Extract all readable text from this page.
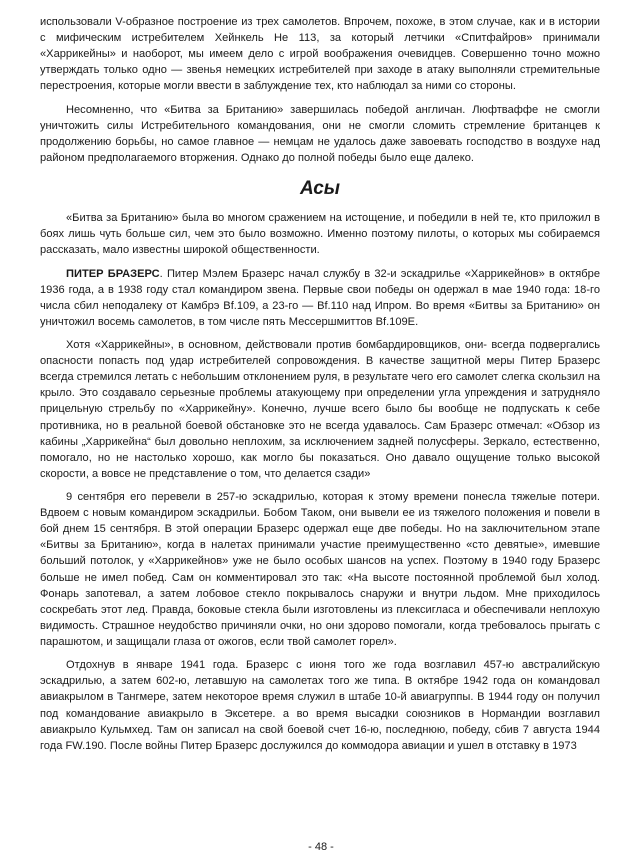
использовали V-образное построение из трех самолетов. Впрочем, похоже, в этом случае, как и в истории с мифическим истребителем Хейнкель Не 113, за который летчики «Спитфайров» принимали «Харрикейны» и наоборот, мы имеем дело с игрой воображения очевидцев. Совершенно точно можно утверждать только одно — звенья немецких истребителей при заходе в атаку выполняли стремительные перестроения, которые могли ввести в заблуждение тех, кто наблюдал за ними со стороны.

Несомненно, что «Битва за Британию» завершилась победой англичан. Люфтваффе не смогли уничтожить силы Истребительного командования, они не смогли сломить стремление британцев к продолжению борьбы, но самое главное — немцам не удалось даже завоевать господство в воздухе над районом предполагаемого вторжения. Однако до полной победы было еще далеко.

Асы

«Битва за Британию» была во многом сражением на истощение, и победили в ней те, кто приложил в боях лишь чуть больше сил, чем это было возможно. Именно поэтому пилоты, о которых мы собираемся рассказать, мало известны широкой общественности.

ПИТЕР БРАЗЕРС. Питер Мэлем Бразерс начал службу в 32-и эскадрилье «Харрикейнов» в октябре 1936 года, а в 1938 году стал командиром звена. Первые свои победы он одержал в мае 1940 года: 18-го числа сбил неподалеку от Камбрэ Bf.109, а 23-го — Bf.110 над Ипром. Во время «Битвы за Британию» он уничтожил восемь самолетов, в том числе пять Мессершмиттов Bf.109E.

Хотя «Харрикейны», в основном, действовали против бомбардировщиков, они- всегда подвергались опасности попасть под удар истребителей сопровождения. В качестве защитной меры Питер Бразерс всегда стремился летать с небольшим отклонением руля, в результате чего его самолет слегка скользил на крыло. Это создавало серьезные проблемы атакующему при определении угла упреждения и затрудняло прицельную стрельбу по «Харрикейну». Конечно, лучше всего было бы вообще не подпускать к себе противника, но в реальной боевой обстановке это не всегда удавалось. Сам Бразерс отмечал: «Обзор из кабины „Харрикейна“ был довольно неплохим, за исключением задней полусферы. Зеркало, естественно, помогало, но не настолько хорошо, как могло бы показаться. Оно давало ощущение только высокой скорости, а вовсе не представление о том, что делается сзади»

9 сентября его перевели в 257-ю эскадрилью, которая к этому времени понесла тяжелые потери. Вдвоем с новым командиром эскадрильи. Бобом Таком, они вывели ее из тяжелого положения и повели в бой днем 15 сентября. В этой операции Бразерс одержал еще две победы. Но на заключительном этапе «Битвы за Британию», когда в налетах принимали участие преимущественно «сто девятые», имевшие больший потолок, у «Харрикейнов» уже не было особых шансов на успех. Поэтому в 1940 году Бразерс больше не имел побед. Сам он комментировал это так: «На высоте постоянной проблемой был холод. Фонарь запотевал, а затем лобовое стекло покрывалось снаружи и внутри льдом. Мне приходилось соскребать этот лед. Правда, боковые стекла были изготовлены из плексигласа и обеспечивали неплохую видимость. Страшное неудобство причиняли очки, но они здорово помогали, когда требовалось прыгать с парашютом, и защищали глаза от ожогов, если твой самолет горел».

Отдохнув в январе 1941 года. Бразерс с июня того же года возглавил 457-ю австралийскую эскадрилью, а затем 602-ю, летавшую на самолетах того же типа. В октябре 1942 года он командовал авиакрылом в Тангмере, затем некоторое время служил в штабе 10-й авиагруппы. В 1944 году он получил под командование авиакрыло в Эксетере. а во время высадки союзников в Нормандии возглавил авиакрыло Кульмхед. Там он записал на свой боевой счет 16-ю, последнюю, победу, сбив 7 августа 1944 года FW.190. После войны Питер Бразерс дослужился до коммодора авиации и ушел в отставку в 1973

- 48 -
